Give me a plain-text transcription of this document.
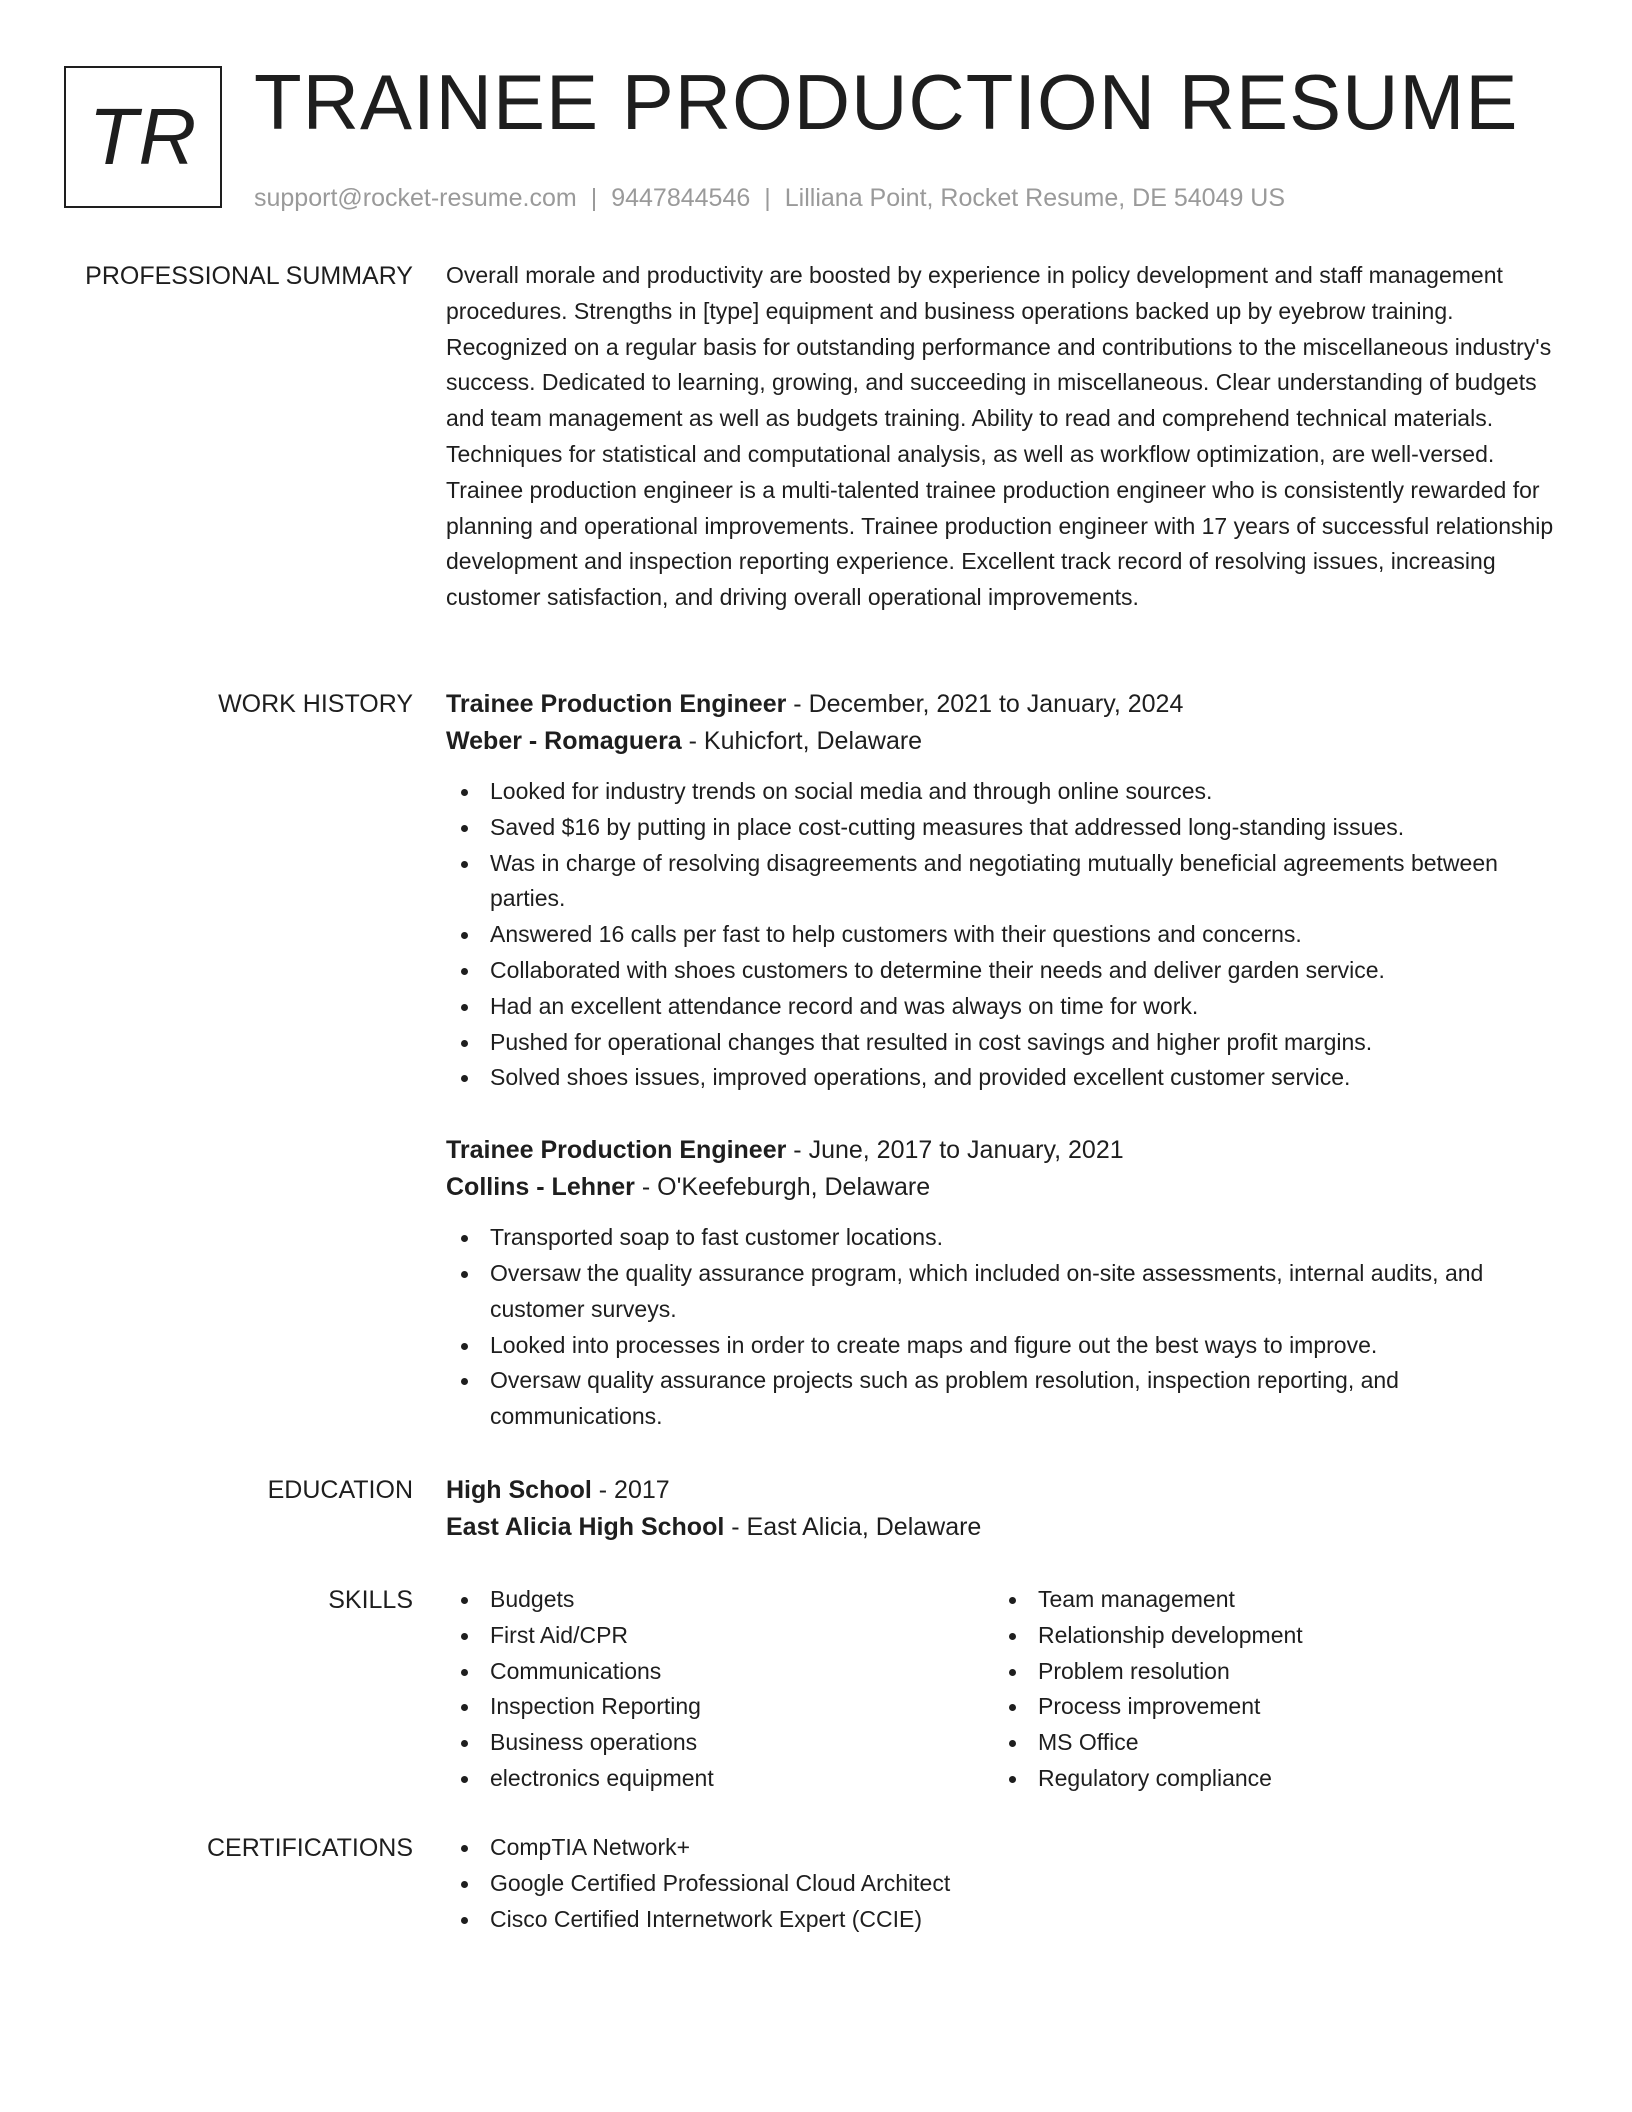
TR TRAINEE PRODUCTION RESUME
support@rocket-resume.com | 9447844546 | Lilliana Point, Rocket Resume, DE 54049 US
PROFESSIONAL SUMMARY Overall morale and productivity are boosted by experience in policy development and staff management procedures. Strengths in [type] equipment and business operations backed up by eyebrow training. Recognized on a regular basis for outstanding performance and contributions to the miscellaneous industry's success. Dedicated to learning, growing, and succeeding in miscellaneous. Clear understanding of budgets and team management as well as budgets training. Ability to read and comprehend technical materials. Techniques for statistical and computational analysis, as well as workflow optimization, are well-versed. Trainee production engineer is a multi-talented trainee production engineer who is consistently rewarded for planning and operational improvements. Trainee production engineer with 17 years of successful relationship development and inspection reporting experience. Excellent track record of resolving issues, increasing customer satisfaction, and driving overall operational improvements.

WORK HISTORY Trainee Production Engineer - December, 2021 to January, 2024
Weber - Romaguera - Kuhicfort, Delaware
Looked for industry trends on social media and through online sources.
Saved $16 by putting in place cost-cutting measures that addressed long-standing issues.
Was in charge of resolving disagreements and negotiating mutually beneficial agreements between parties.
Answered 16 calls per fast to help customers with their questions and concerns.
Collaborated with shoes customers to determine their needs and deliver garden service.
Had an excellent attendance record and was always on time for work.
Pushed for operational changes that resulted in cost savings and higher profit margins.
Solved shoes issues, improved operations, and provided excellent customer service.
Trainee Production Engineer - June, 2017 to January, 2021
Collins - Lehner - O'Keefeburgh, Delaware
Transported soap to fast customer locations.
Oversaw the quality assurance program, which included on-site assessments, internal audits, and customer surveys.
Looked into processes in order to create maps and figure out the best ways to improve.
Oversaw quality assurance projects such as problem resolution, inspection reporting, and communications.
EDUCATION High School - 2017
East Alicia High School - East Alicia, Delaware
SKILLS	Budgets
First Aid/CPR
Communications
Inspection Reporting
Business operations
electronics equipment
Team management
Relationship development
Problem resolution
Process improvement
MS Office
Regulatory compliance
CERTIFICATIONS	CompTIA Network+
Google Certified Professional Cloud Architect
Cisco Certified Internetwork Expert (CCIE)
